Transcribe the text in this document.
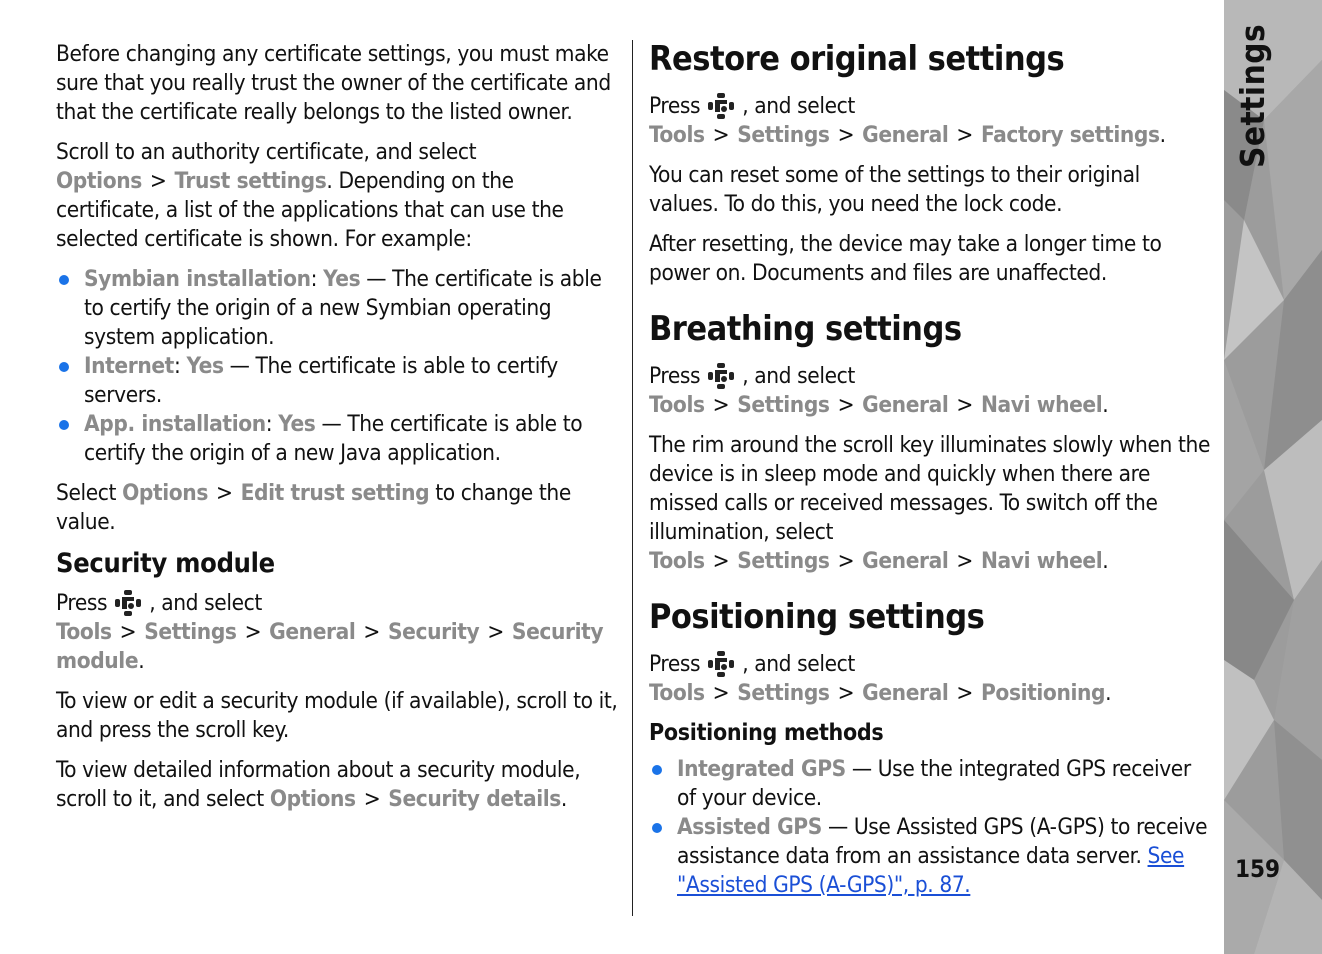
Before changing any certificate settings, you must make sure that you really trust the owner of the certificate and that the certificate really belongs to the listed owner.

Scroll to an authority certificate, and select Options > Trust settings. Depending on the certificate, a list of the applications that can use the selected certificate is shown. For example:

Symbian installation: Yes — The certificate is able to certify the origin of a new Symbian operating system application.
Internet: Yes — The certificate is able to certify servers.
App. installation: Yes — The certificate is able to certify the origin of a new Java application.

Select Options > Edit trust setting to change the value.

Security module

Press , and select Tools > Settings > General > Security > Security module.

To view or edit a security module (if available), scroll to it, and press the scroll key.

To view detailed information about a security module, scroll to it, and select Options > Security details.

Restore original settings

Press , and select Tools > Settings > General > Factory settings.

You can reset some of the settings to their original values. To do this, you need the lock code.

After resetting, the device may take a longer time to power on. Documents and files are unaffected.

Breathing settings

Press , and select Tools > Settings > General > Navi wheel.

The rim around the scroll key illuminates slowly when the device is in sleep mode and quickly when there are missed calls or received messages. To switch off the illumination, select Tools > Settings > General > Navi wheel.

Positioning settings

Press , and select Tools > Settings > General > Positioning.

Positioning methods
Integrated GPS — Use the integrated GPS receiver of your device.
Assisted GPS — Use Assisted GPS (A-GPS) to receive assistance data from an assistance data server. See "Assisted GPS (A-GPS)", p. 87.
Settings
159
